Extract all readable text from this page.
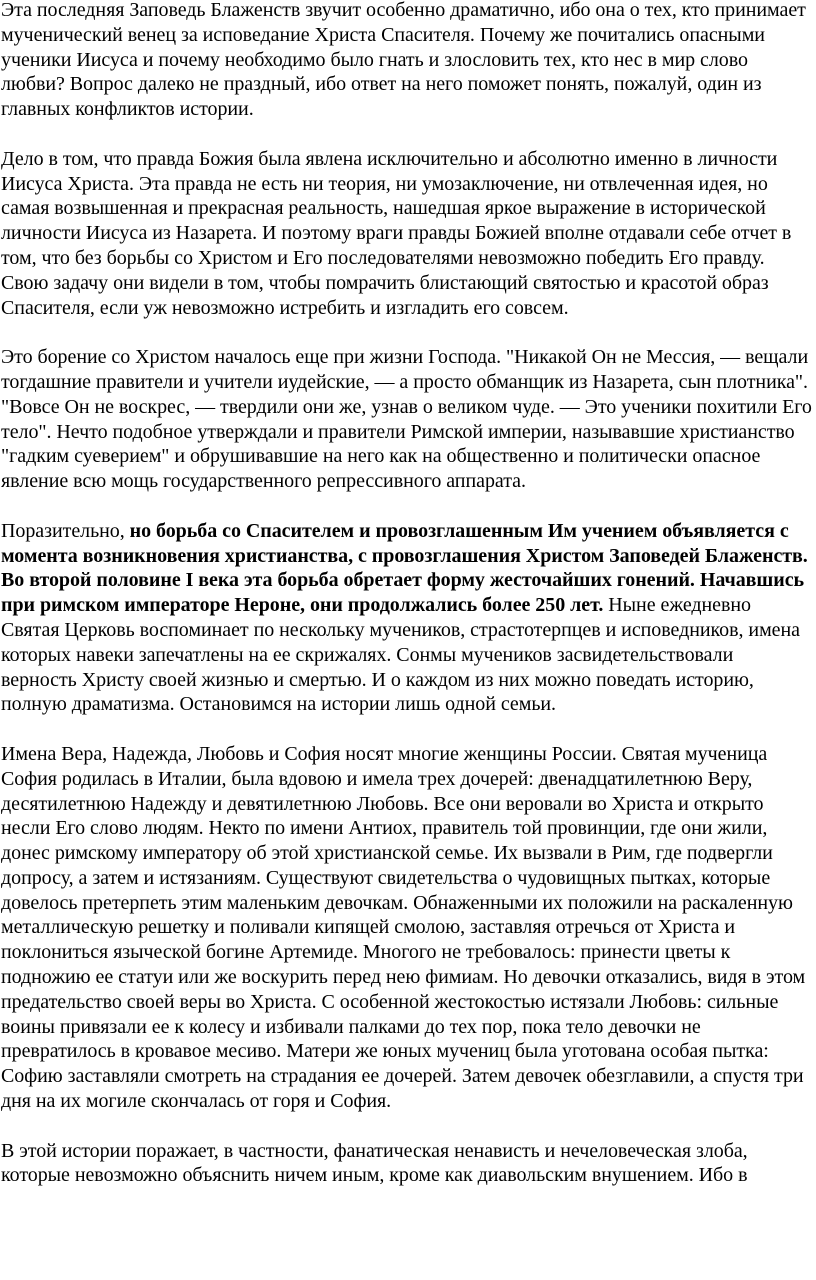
Эта последняя Заповедь Блаженств звучит особенно драматично, ибо она о тех, кто принимает мученический венец за исповедание Христа Спасителя. Почему же почитались опасными ученики Иисуса и почему необходимо было гнать и злословить тех, кто нес в мир слово любви? Вопрос далеко не праздный, ибо ответ на него поможет понять, пожалуй, один из главных конфликтов истории.

Дело в том, что правда Божия была явлена исключительно и абсолютно именно в личности Иисуса Христа. Эта правда не есть ни теория, ни умозаключение, ни отвлеченная идея, но самая возвышенная и прекрасная реальность, нашедшая яркое выражение в исторической личности Иисуса из Назарета. И поэтому враги правды Божией вполне отдавали себе отчет в том, что без борьбы со Христом и Его последователями невозможно победить Его правду. Свою задачу они видели в том, чтобы помрачить блистающий святостью и красотой образ Спасителя, если уж невозможно истребить и изгладить его совсем.

Это борение со Христом началось еще при жизни Господа. "Никакой Он не Мессия, — вещали тогдашние правители и учители иудейские, — а просто обманщик из Назарета, сын плотника". "Вовсе Он не воскрес, — твердили они же, узнав о великом чуде. — Это ученики похитили Его тело". Нечто подобное утверждали и правители Римской империи, называвшие христианство "гадким суеверием" и обрушивавшие на него как на общественно и политически опасное явление всю мощь государственного репрессивного аппарата.

Поразительно, но борьба со Спасителем и провозглашенным Им учением объявляется с момента возникновения христианства, с провозглашения Христом Заповедей Блаженств. Во второй половине I века эта борьба обретает форму жесточайших гонений. Начавшись при римском императоре Нероне, они продолжались более 250 лет. Ныне ежедневно Святая Церковь воспоминает по нескольку мучеников, страстотерпцев и исповедников, имена которых навеки запечатлены на ее скрижалях. Сонмы мучеников засвидетельствовали верность Христу своей жизнью и смертью. И о каждом из них можно поведать историю, полную драматизма. Остановимся на истории лишь одной семьи.

Имена Вера, Надежда, Любовь и София носят многие женщины России. Святая мученица София родилась в Италии, была вдовою и имела трех дочерей: двенадцатилетнюю Веру, десятилетнюю Надежду и девятилетнюю Любовь. Все они веровали во Христа и открыто несли Его слово людям. Некто по имени Антиох, правитель той провинции, где они жили, донес римскому императору об этой христианской семье. Их вызвали в Рим, где подвергли допросу, а затем и истязаниям. Существуют свидетельства о чудовищных пытках, которые довелось претерпеть этим маленьким девочкам. Обнаженными их положили на раскаленную металлическую решетку и поливали кипящей смолою, заставляя отречься от Христа и поклониться языческой богине Артемиде. Многого не требовалось: принести цветы к подножию ее статуи или же воскурить перед нею фимиам. Но девочки отказались, видя в этом предательство своей веры во Христа. С особенной жестокостью истязали Любовь: сильные воины привязали ее к колесу и избивали палками до тех пор, пока тело девочки не превратилось в кровавое месиво. Матери же юных мучениц была уготована особая пытка: Софию заставляли смотреть на страдания ее дочерей. Затем девочек обезглавили, а спустя три дня на их могиле скончалась от горя и София.

В этой истории поражает, в частности, фанатическая ненависть и нечеловеческая злоба, которые невозможно объяснить ничем иным, кроме как диавольским внушением. Ибо в
